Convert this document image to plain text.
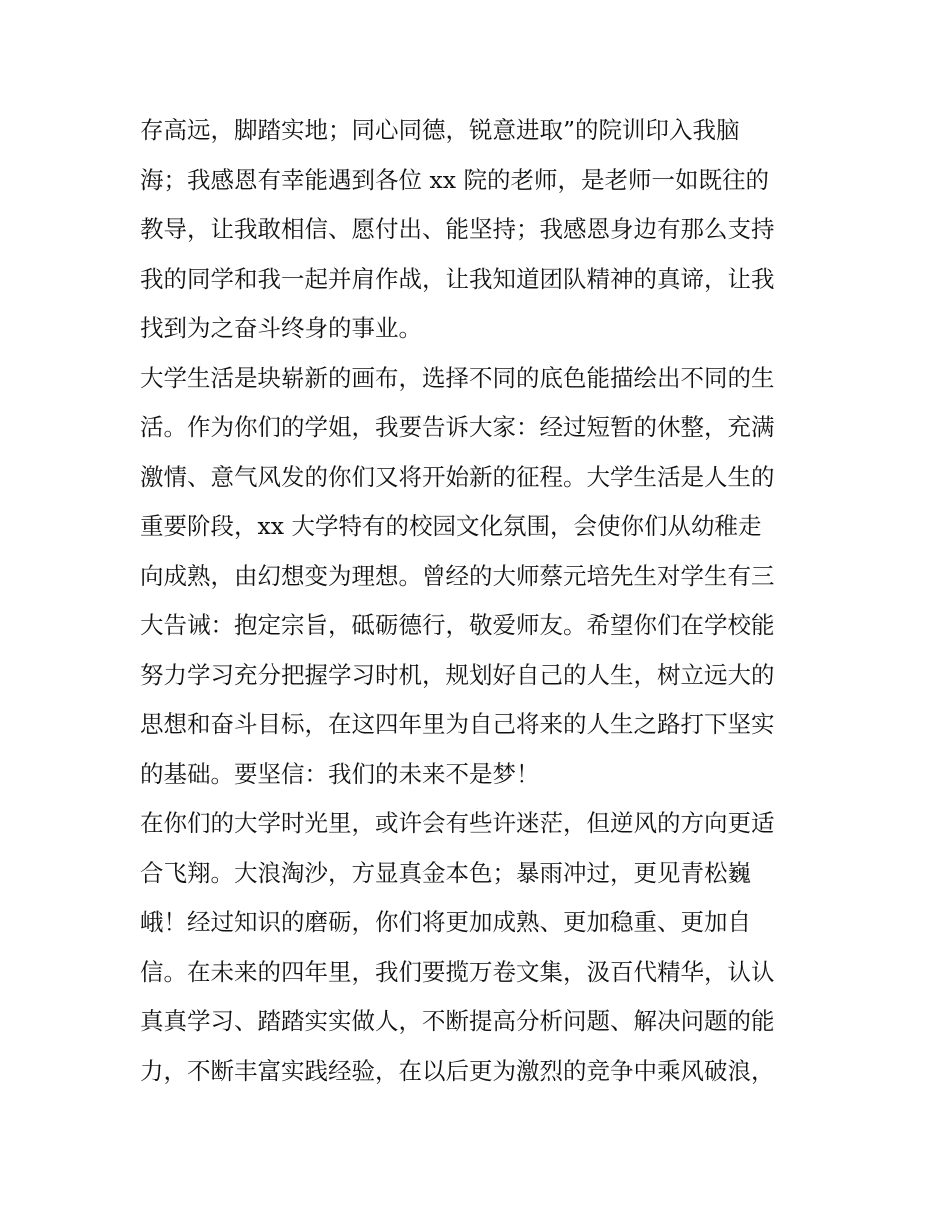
存高远，脚踏实地；同心同德，锐意进取”的院训印入我脑
海；我感恩有幸能遇到各位 xx 院的老师，是老师一如既往的
教导，让我敢相信、愿付出、能坚持；我感恩身边有那么支持
我的同学和我一起并肩作战，让我知道团队精神的真谛，让我
找到为之奋斗终身的事业。
大学生活是块崭新的画布，选择不同的底色能描绘出不同的生
活。作为你们的学姐，我要告诉大家：经过短暂的休整，充满
激情、意气风发的你们又将开始新的征程。大学生活是人生的
重要阶段，xx 大学特有的校园文化氛围，会使你们从幼稚走
向成熟，由幻想变为理想。曾经的大师蔡元培先生对学生有三
大告诫：抱定宗旨，砥砺德行，敬爱师友。希望你们在学校能
努力学习充分把握学习时机，规划好自己的人生，树立远大的
思想和奋斗目标，在这四年里为自己将来的人生之路打下坚实
的基础。要坚信：我们的未来不是梦！
在你们的大学时光里，或许会有些许迷茫，但逆风的方向更适
合飞翔。大浪淘沙，方显真金本色；暴雨冲过，更见青松巍
峨！经过知识的磨砺，你们将更加成熟、更加稳重、更加自
信。在未来的四年里，我们要揽万卷文集，汲百代精华，认认
真真学习、踏踏实实做人，不断提高分析问题、解决问题的能
力，不断丰富实践经验，在以后更为激烈的竞争中乘风破浪，
